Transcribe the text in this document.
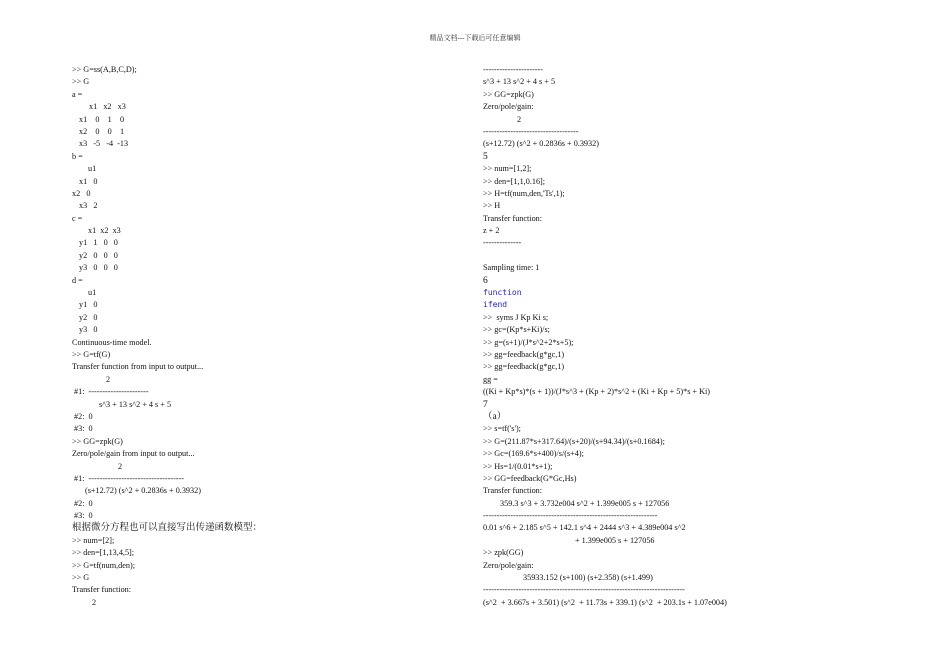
精品文档---下载后可任意编辑
>> G=ss(A,B,C,D);
>> G
a =
x1   x2   x3
x1    0    1    0
x2    0    0    1
x3   -5   -4  -13
b =
u1
x1   0
x2   0
x3   2
c =
x1  x2  x3
y1   1   0   0
y2   0   0   0
y3   0   0   0
d =
u1
y1   0
y2   0
y3   0
Continuous-time model.
>> G=tf(G)
Transfer function from input to output...
2
#1:  ----------------------
s^3 + 13 s^2 + 4 s + 5
#2:  0
#3:  0
>> GG=zpk(G)
Zero/pole/gain from input to output...
2
#1:  -----------------------------------
(s+12.72) (s^2 + 0.2836s + 0.3932)
#2:  0
#3:  0
根据微分方程也可以直接写出传递函数模型：
>> num=[2];
>> den=[1,13,4,5];
>> G=tf(num,den);
>> G
Transfer function:
2
----------------------
s^3 + 13 s^2 + 4 s + 5
>> GG=zpk(G)
Zero/pole/gain:
2
-----------------------------------
(s+12.72) (s^2 + 0.2836s + 0.3932)
5
>> num=[1,2];
>> den=[1,1,0.16];
>> H=tf(num,den,'Ts',1);
>> H
Transfer function:
z + 2
--------------
Sampling time: 1
6
function
ifend
>>  syms J Kp Ki s;
>> gc=(Kp*s+Ki)/s;
>> g=(s+1)/(J*s^2+2*s+5);
>> gg=feedback(g*gc,1)
>> gg=feedback(g*gc,1)
gg =
((Ki + Kp*s)*(s + 1))/(J*s^3 + (Kp + 2)*s^2 + (Ki + Kp + 5)*s + Ki)
7
（a）
>> s=tf('s');
>> G=(211.87*s+317.64)/(s+20)/(s+94.34)/(s+0.1684);
>> Gc=(169.6*s+400)/s/(s+4);
>> Hs=1/(0.01*s+1);
>> GG=feedback(G*Gc,Hs)
Transfer function:
359.3 s^3 + 3.732e004 s^2 + 1.399e005 s + 127056
----------------------------------------------------------------
0.01 s^6 + 2.185 s^5 + 142.1 s^4 + 2444 s^3 + 4.389e004 s^2
+ 1.399e005 s + 127056
>> zpk(GG)
Zero/pole/gain:
35933.152 (s+100) (s+2.358) (s+1.499)
--------------------------------------------------------------------------
(s^2  + 3.667s + 3.501) (s^2  + 11.73s + 339.1) (s^2  + 203.1s + 1.07e004)
